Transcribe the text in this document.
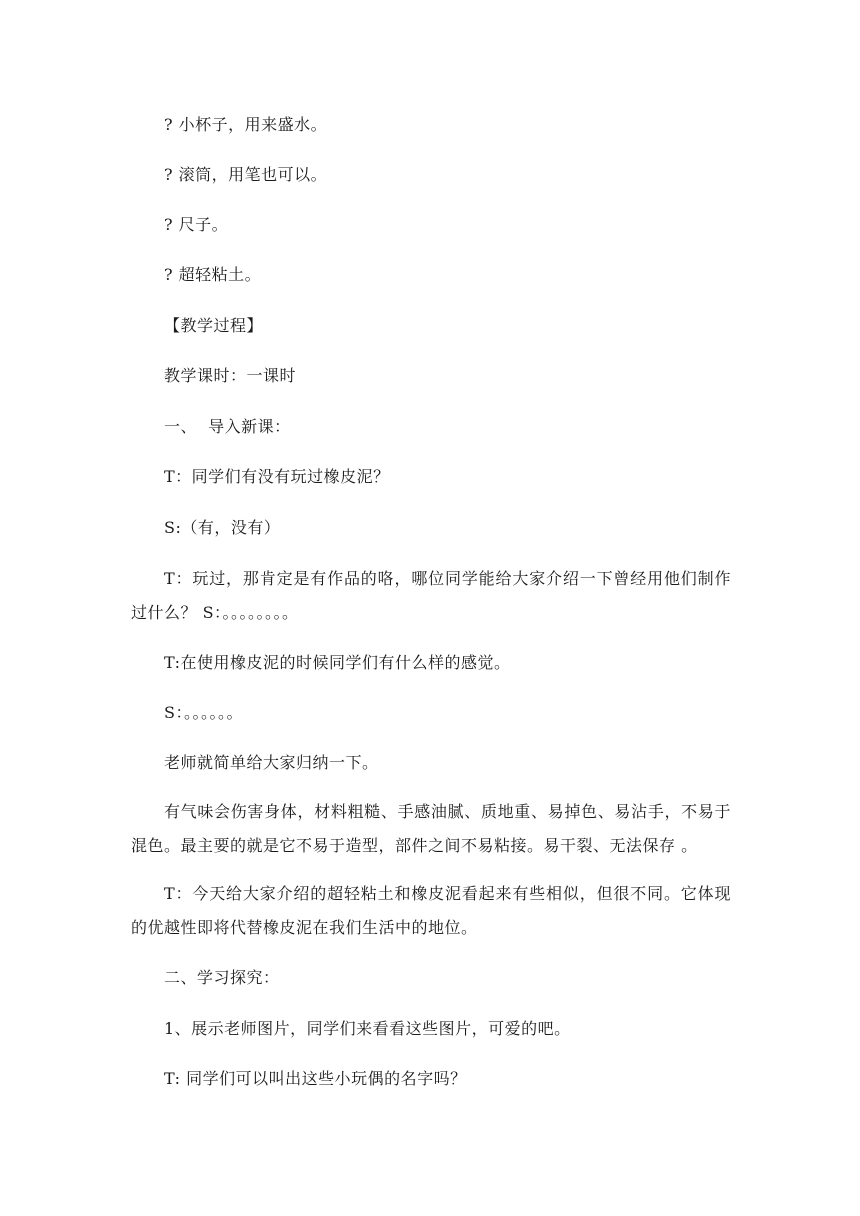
? 小杯子，用来盛水。
? 滚筒，用笔也可以。
? 尺子。
? 超轻粘土。
【教学过程】
教学课时：一课时
一、  导入新课：
T：同学们有没有玩过橡皮泥？
S:（有，没有）
T：玩过，那肯定是有作品的咯，哪位同学能给大家介绍一下曾经用他们制作过什么？ S：。。。。。。。。
T:在使用橡皮泥的时候同学们有什么样的感觉。
S：。。。。。。
老师就简单给大家归纳一下。
有气味会伤害身体，材料粗糙、手感油腻、质地重、易掉色、易沾手，不易于混色。最主要的就是它不易于造型，部件之间不易粘接。易干裂、无法保存 。
T：今天给大家介绍的超轻粘土和橡皮泥看起来有些相似，但很不同。它体现的优越性即将代替橡皮泥在我们生活中的地位。
二、学习探究：
1、展示老师图片，同学们来看看这些图片，可爱的吧。
T: 同学们可以叫出这些小玩偶的名字吗？
